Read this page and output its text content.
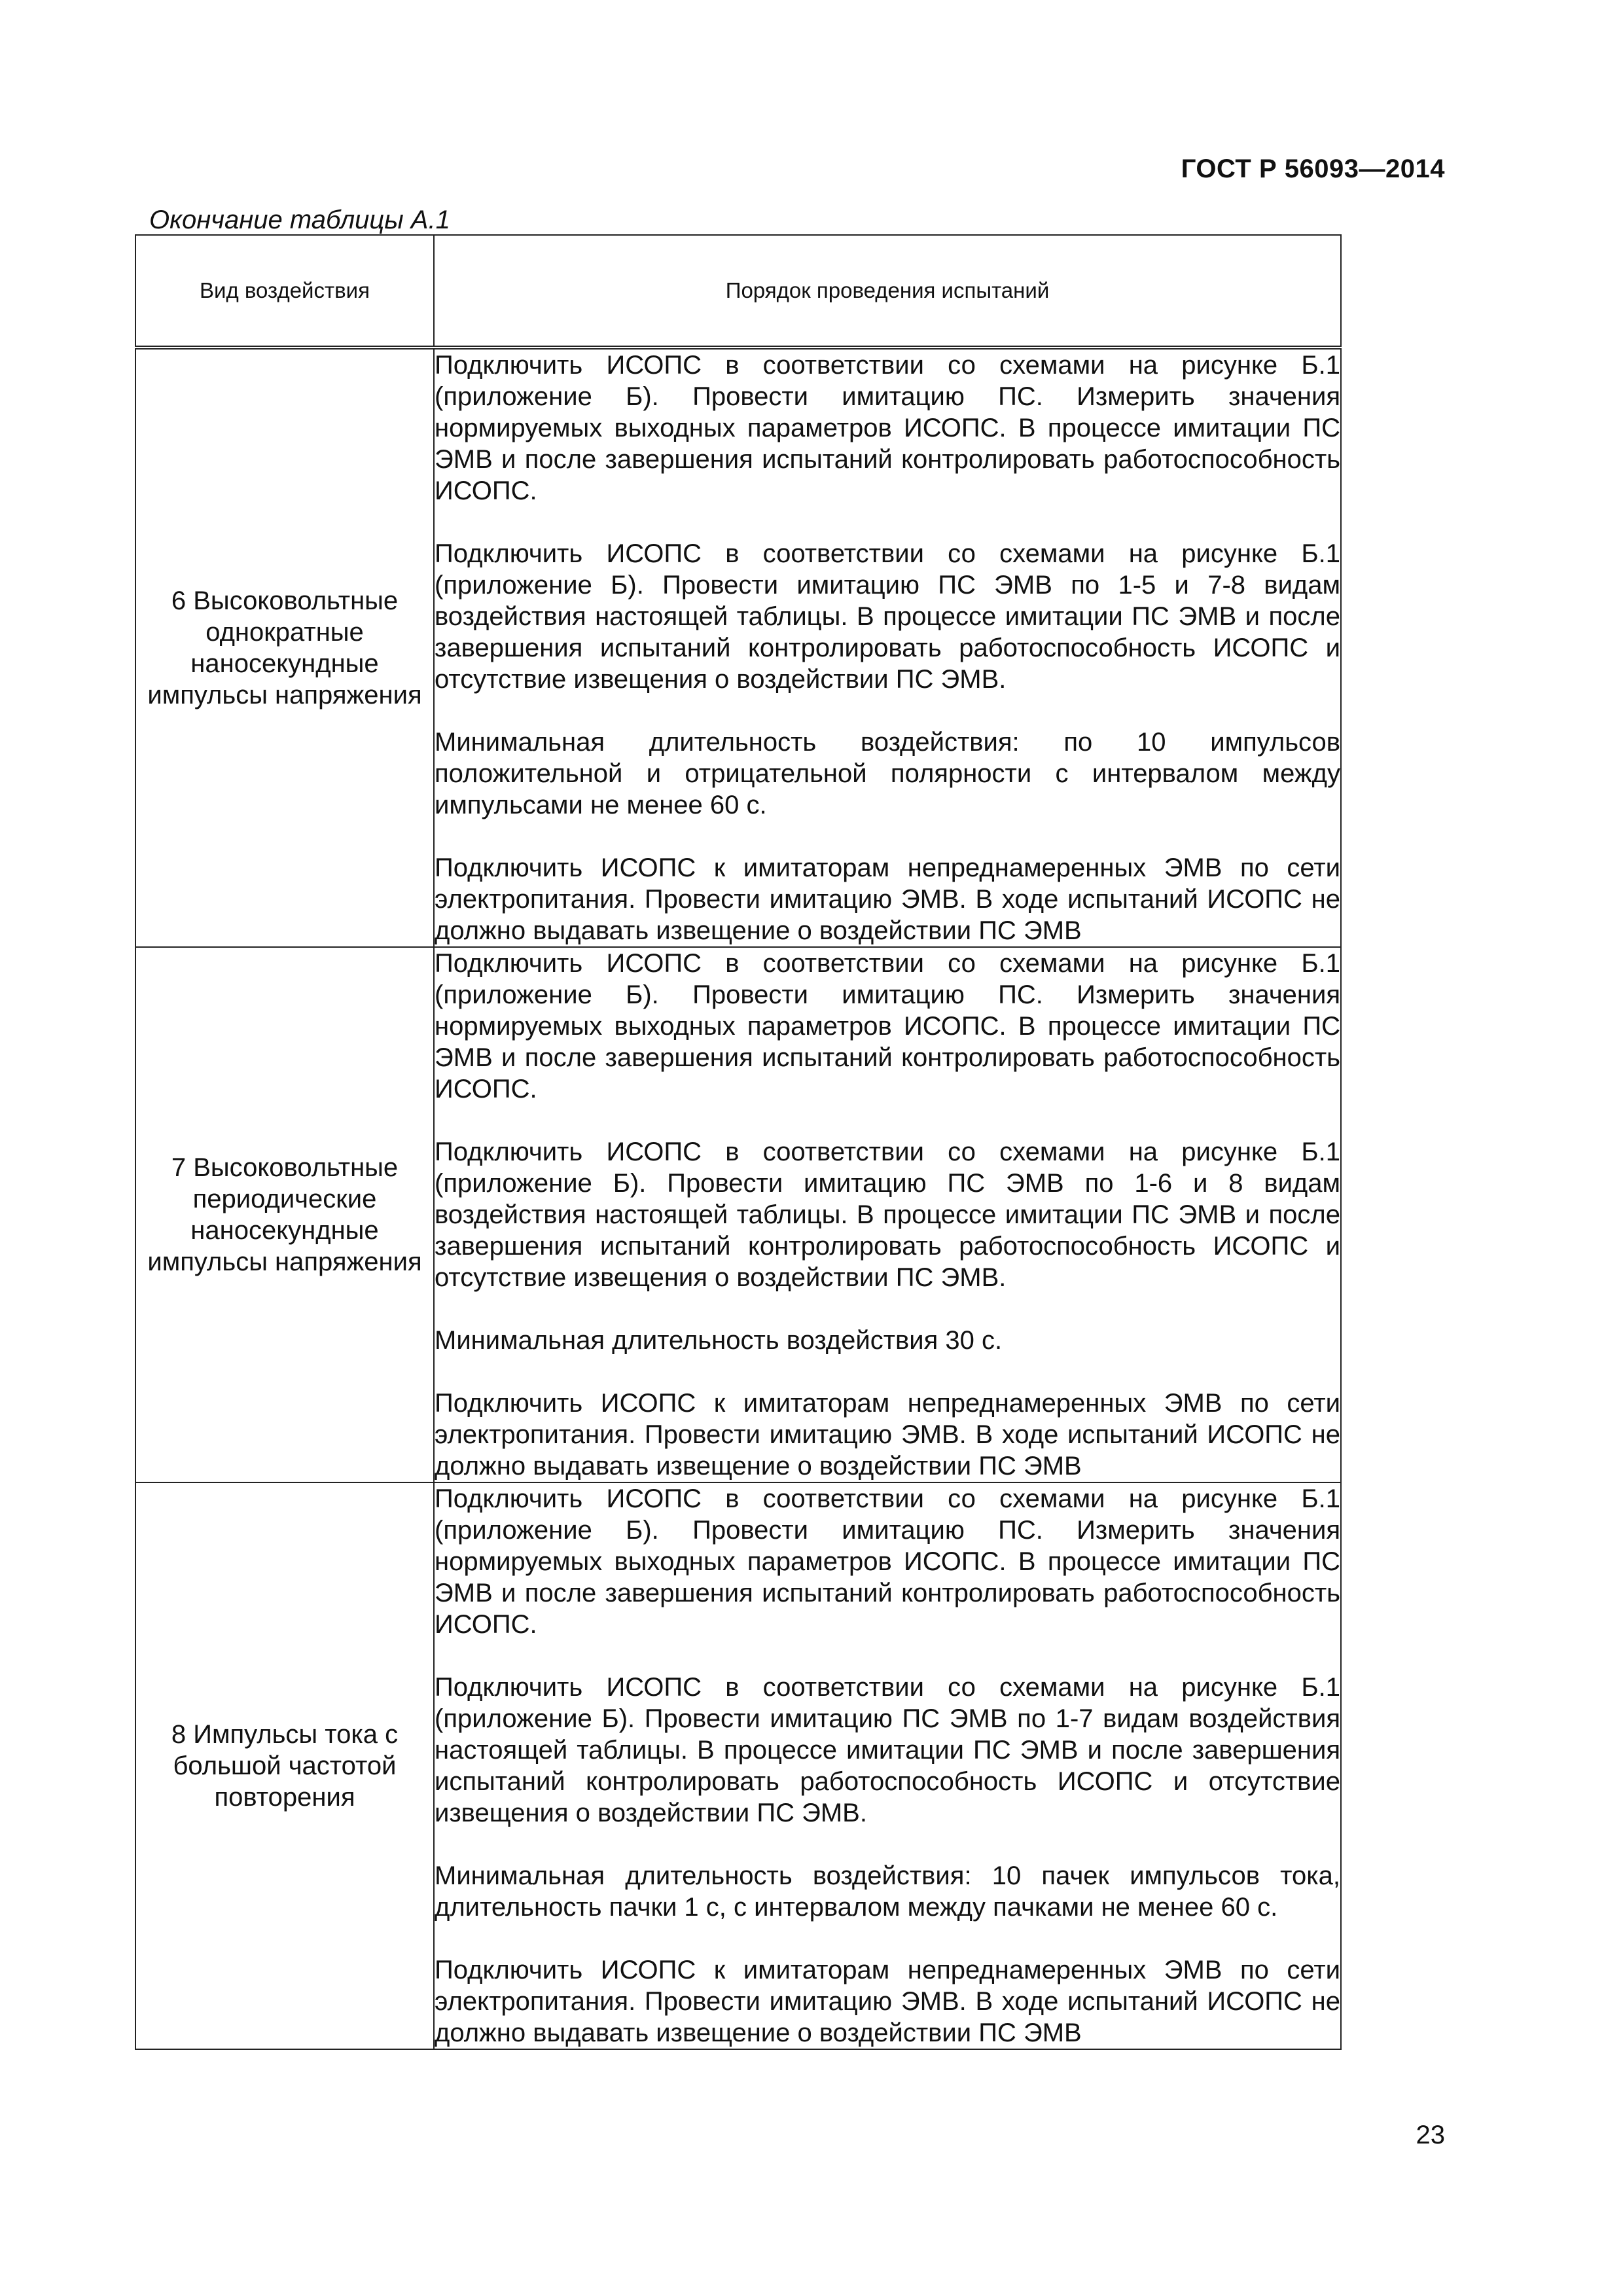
ГОСТ Р 56093—2014
Окончание таблицы А.1
Вид воздействия	Порядок проведения испытаний
6 Высоковольтные однократные наносекундные импульсы напряжения	Подключить ИСОПС в соответствии со схемами на рисунке Б.1 (приложение Б). Провести имитацию ПС. Измерить значения нормируемых выходных параметров ИСОПС. В процессе имитации ПС ЭМВ и после завершения испытаний контролировать работоспособность ИСОПС.

Подключить ИСОПС в соответствии со схемами на рисунке Б.1 (приложение Б). Провести имитацию ПС ЭМВ по 1-5 и 7-8 видам воздействия настоящей таблицы. В процессе имитации ПС ЭМВ и после завершения испытаний контролировать работоспособность ИСОПС и отсутствие извещения о воздействии ПС ЭМВ.

Минимальная длительность воздействия: по 10 импульсов положительной и отрицательной полярности с интервалом между импульсами не менее 60 с.

Подключить ИСОПС к имитаторам непреднамеренных ЭМВ по сети электропитания. Провести имитацию ЭМВ. В ходе испытаний ИСОПС не должно выдавать извещение о воздействии ПС ЭМВ

7 Высоковольтные периодические наносекундные импульсы напряжения	Подключить ИСОПС в соответствии со схемами на рисунке Б.1 (приложение Б). Провести имитацию ПС. Измерить значения нормируемых выходных параметров ИСОПС. В процессе имитации ПС ЭМВ и после завершения испытаний контролировать работоспособность ИСОПС.

Подключить ИСОПС в соответствии со схемами на рисунке Б.1 (приложение Б). Провести имитацию ПС ЭМВ по 1-6 и 8 видам воздействия настоящей таблицы. В процессе имитации ПС ЭМВ и после завершения испытаний контролировать работоспособность ИСОПС и отсутствие извещения о воздействии ПС ЭМВ.

Минимальная длительность воздействия 30 с.

Подключить ИСОПС к имитаторам непреднамеренных ЭМВ по сети электропитания. Провести имитацию ЭМВ. В ходе испытаний ИСОПС не должно выдавать извещение о воздействии ПС ЭМВ

8 Импульсы тока с большой частотой повторения	Подключить ИСОПС в соответствии со схемами на рисунке Б.1 (приложение Б). Провести имитацию ПС. Измерить значения нормируемых выходных параметров ИСОПС. В процессе имитации ПС ЭМВ и после завершения испытаний контролировать работоспособность ИСОПС.

Подключить ИСОПС в соответствии со схемами на рисунке Б.1 (приложение Б). Провести имитацию ПС ЭМВ по 1-7 видам воздействия настоящей таблицы. В процессе имитации ПС ЭМВ и после завершения испытаний контролировать работоспособность ИСОПС и отсутствие извещения о воздействии ПС ЭМВ.

Минимальная длительность воздействия: 10 пачек импульсов тока, длительность пачки 1 с, с интервалом между пачками не менее 60 с.

Подключить ИСОПС к имитаторам непреднамеренных ЭМВ по сети электропитания. Провести имитацию ЭМВ. В ходе испытаний ИСОПС не должно выдавать извещение о воздействии ПС ЭМВ

23
